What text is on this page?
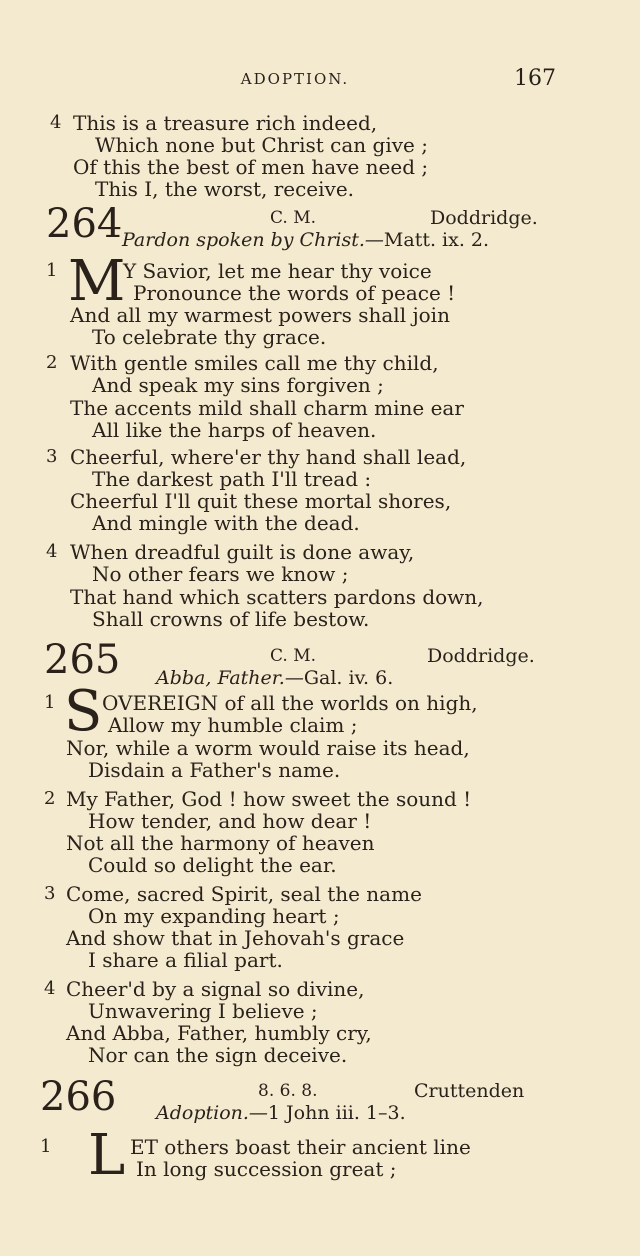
ADOPTION.	167
4 This is a treasure rich indeed,
Which none but Christ can give ;
Of this the best of men have need ;
This I, the worst, receive.
264	C. M.	Doddridge.
Pardon spoken by Christ.—Matt. ix. 2.
1 M
Y Savior, let me hear thy voice
Pronounce the words of peace !
And all my warmest powers shall join
To celebrate thy grace.
2 With gentle smiles call me thy child,
And speak my sins forgiven ;
The accents mild shall charm mine ear
All like the harps of heaven.
3 Cheerful, where'er thy hand shall lead,
The darkest path I'll tread :
Cheerful I'll quit these mortal shores,
And mingle with the dead.
4 When dreadful guilt is done away,
No other fears we know ;
That hand which scatters pardons down,
Shall crowns of life bestow.
265	C. M.	Doddridge.
Abba, Father.—Gal. iv. 6.
1 S OVEREIGN of all the worlds on high,
Allow my humble claim ;
Nor, while a worm would raise its head,
Disdain a Father's name.
2 My Father, God ! how sweet the sound !
How tender, and how dear !
Not all the harmony of heaven
Could so delight the ear.
3 Come, sacred Spirit, seal the name
On my expanding heart ;
And show that in Jehovah's grace
I share a filial part.
4 Cheer'd by a signal so divine,
Unwavering I believe ;
And Abba, Father, humbly cry,
Nor can the sign deceive.
266	8. 6. 8.	Cruttenden
Adoption.—1 John iii. 1–3.
1 L ET others boast their ancient line
In long succession great ;
